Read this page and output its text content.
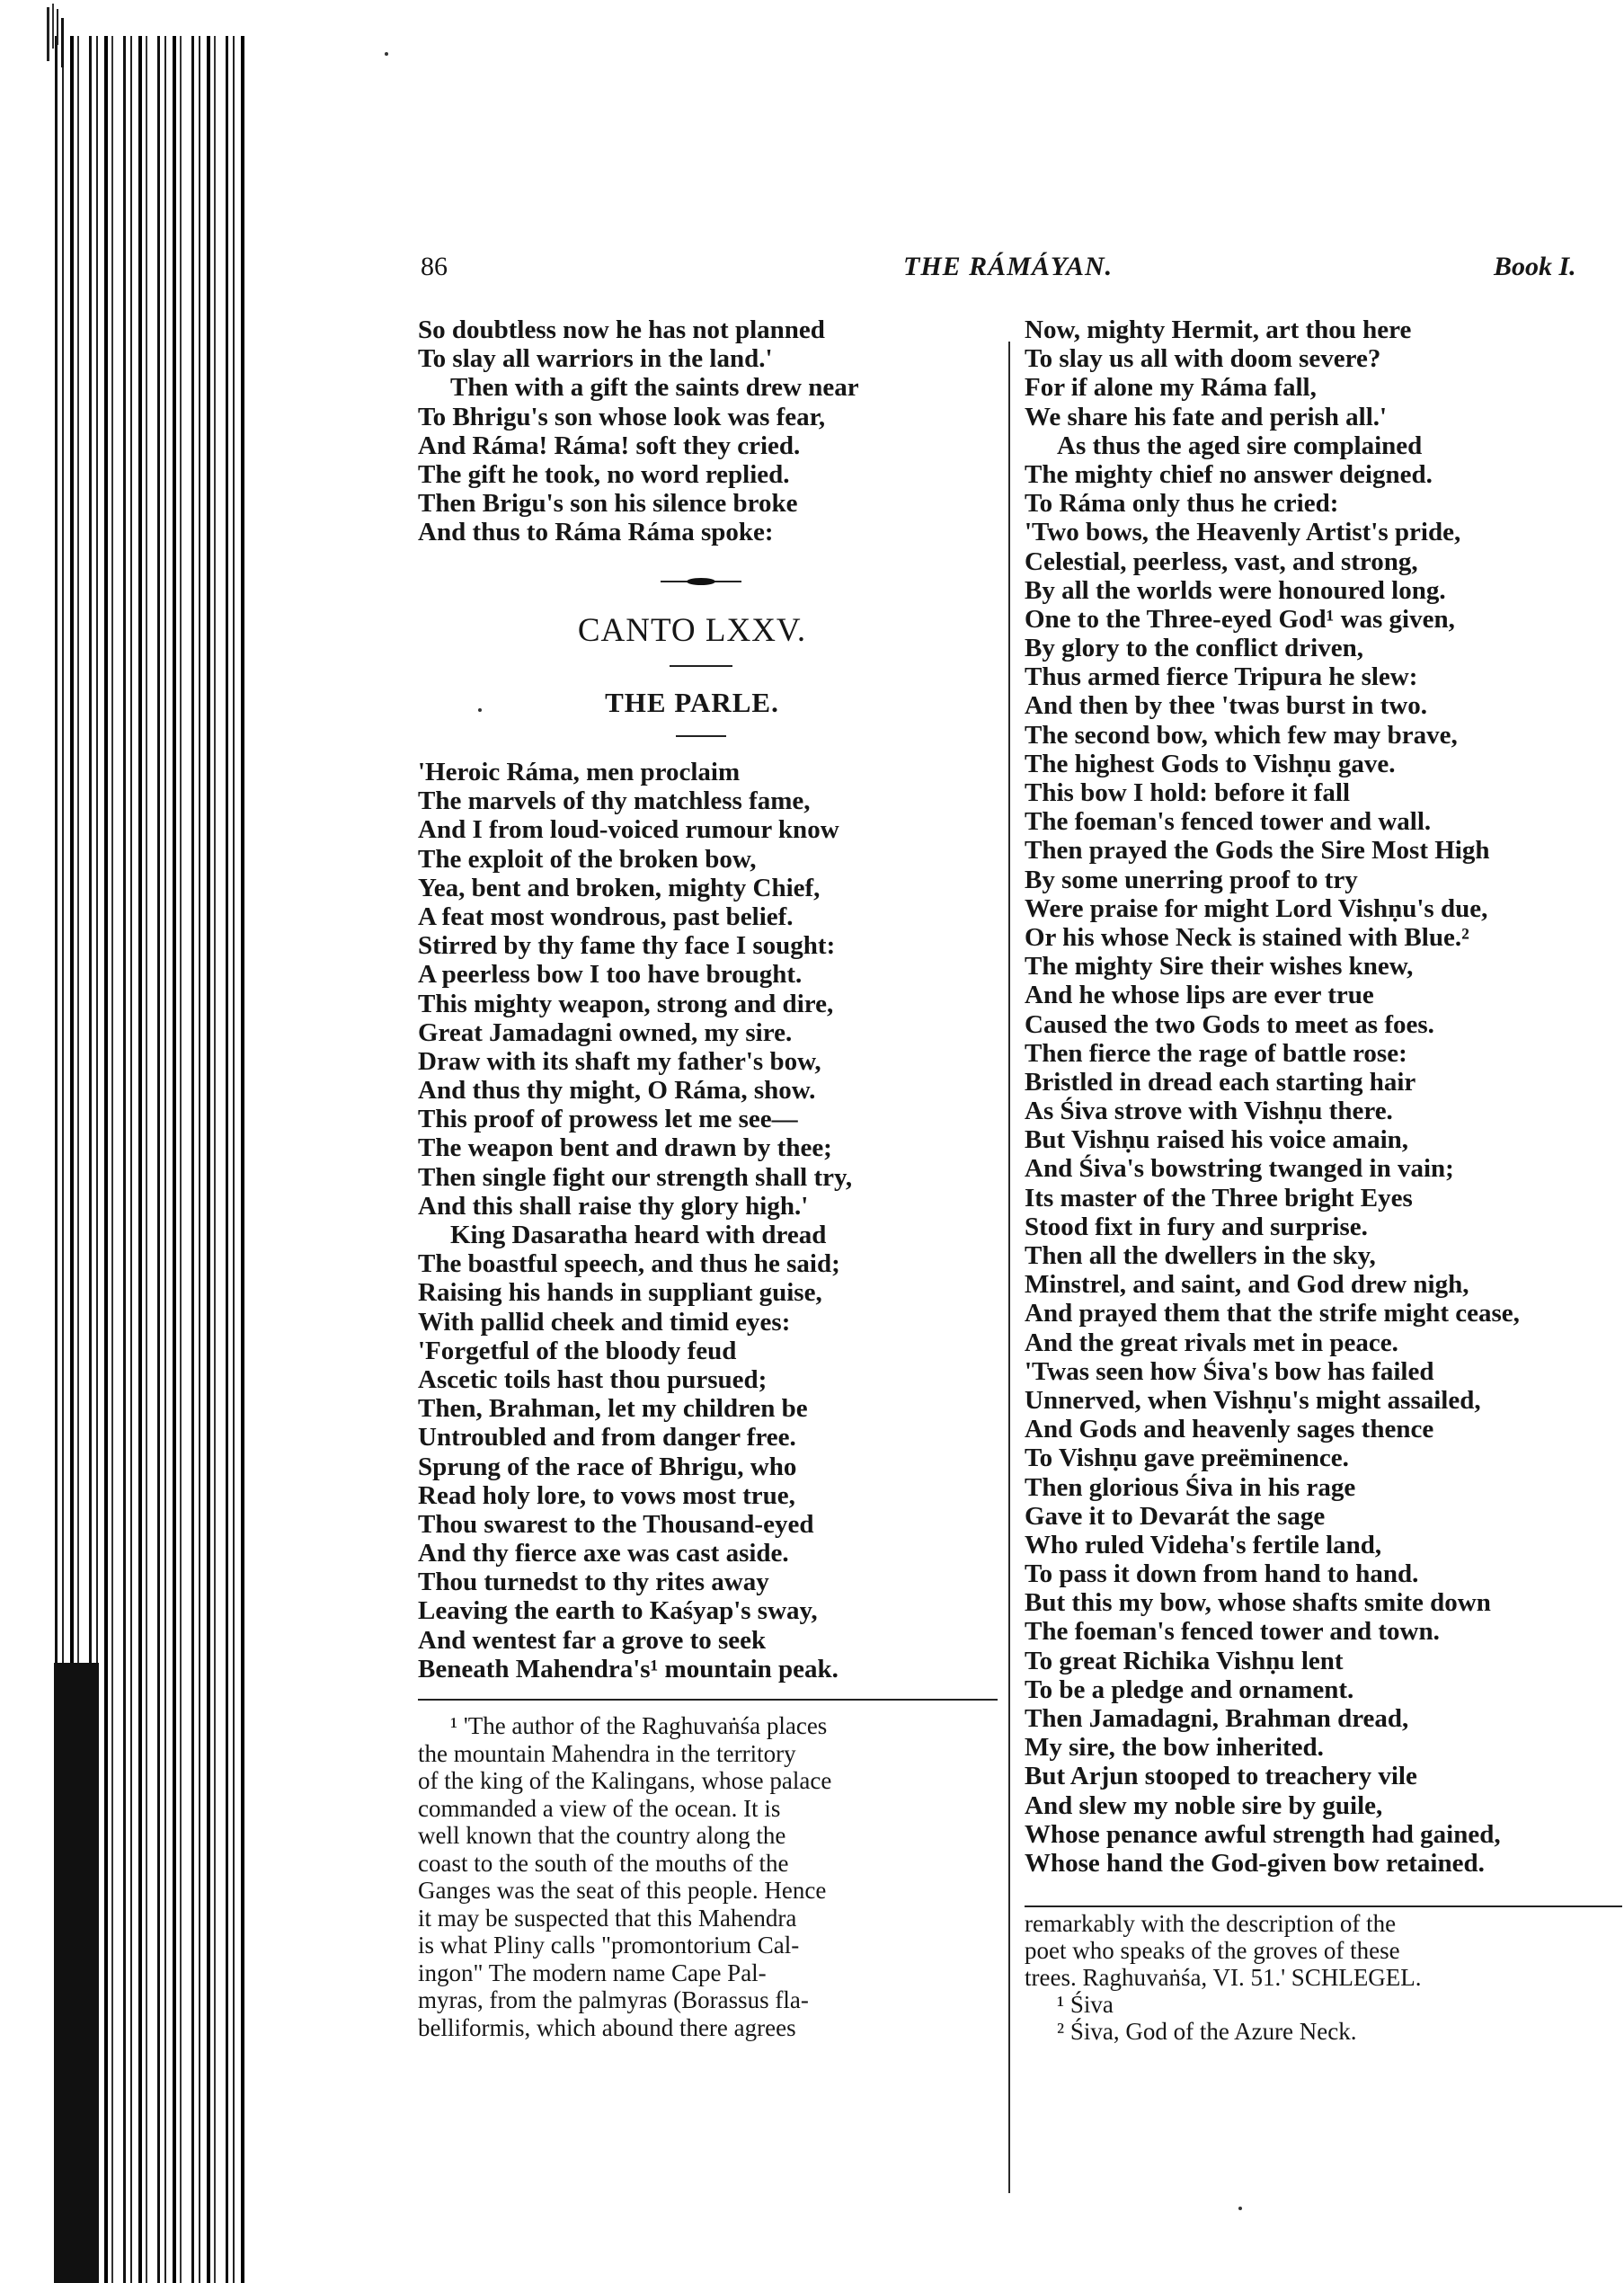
86	THE RÁMÁYAN.	Book I.
So doubtless now he has not planned
To slay all warriors in the land.'
Then with a gift the saints drew near
To Bhrigu's son whose look was fear,
And Ráma! Ráma! soft they cried.
The gift he took, no word replied.
Then Brigu's son his silence broke
And thus to Ráma Ráma spoke:
CANTO LXXV.
THE PARLE.
'Heroic Ráma, men proclaim
The marvels of thy matchless fame,
And I from loud-voiced rumour know
The exploit of the broken bow,
Yea, bent and broken, mighty Chief,
A feat most wondrous, past belief.
Stirred by thy fame thy face I sought:
A peerless bow I too have brought.
This mighty weapon, strong and dire,
Great Jamadagni owned, my sire.
Draw with its shaft my father's bow,
And thus thy might, O Ráma, show.
This proof of prowess let me see—
The weapon bent and drawn by thee;
Then single fight our strength shall try,
And this shall raise thy glory high.'
King Dasaratha heard with dread
The boastful speech, and thus he said;
Raising his hands in suppliant guise,
With pallid cheek and timid eyes:
'Forgetful of the bloody feud
Ascetic toils hast thou pursued;
Then, Brahman, let my children be
Untroubled and from danger free.
Sprung of the race of Bhrigu, who
Read holy lore, to vows most true,
Thou swarest to the Thousand-eyed
And thy fierce axe was cast aside.
Thou turnedst to thy rites away
Leaving the earth to Kaśyap's sway,
And wentest far a grove to seek
Beneath Mahendra's¹ mountain peak.
Now, mighty Hermit, art thou here
To slay us all with doom severe?
For if alone my Ráma fall,
We share his fate and perish all.'
As thus the aged sire complained
The mighty chief no answer deigned.
To Ráma only thus he cried:
'Two bows, the Heavenly Artist's pride,
Celestial, peerless, vast, and strong,
By all the worlds were honoured long.
One to the Three-eyed God¹ was given,
By glory to the conflict driven,
Thus armed fierce Tripura he slew:
And then by thee 'twas burst in two.
The second bow, which few may brave,
The highest Gods to Vishṇu gave.
This bow I hold: before it fall
The foeman's fenced tower and wall.
Then prayed the Gods the Sire Most High
By some unerring proof to try
Were praise for might Lord Vishṇu's due,
Or his whose Neck is stained with Blue.²
The mighty Sire their wishes knew,
And he whose lips are ever true
Caused the two Gods to meet as foes.
Then fierce the rage of battle rose:
Bristled in dread each starting hair
As Śiva strove with Vishṇu there.
But Vishṇu raised his voice amain,
And Śiva's bowstring twanged in vain;
Its master of the Three bright Eyes
Stood fixt in fury and surprise.
Then all the dwellers in the sky,
Minstrel, and saint, and God drew nigh,
And prayed them that the strife might cease,
And the great rivals met in peace.
'Twas seen how Śiva's bow has failed
Unnerved, when Vishṇu's might assailed,
And Gods and heavenly sages thence
To Vishṇu gave preëminence.
Then glorious Śiva in his rage
Gave it to Devarát the sage
Who ruled Videha's fertile land,
To pass it down from hand to hand.
But this my bow, whose shafts smite down
The foeman's fenced tower and town.
To great Richika Vishṇu lent
To be a pledge and ornament.
Then Jamadagni, Brahman dread,
My sire, the bow inherited.
But Arjun stooped to treachery vile
And slew my noble sire by guile,
Whose penance awful strength had gained,
Whose hand the God-given bow retained.
¹ 'The author of the Raghuvaṅśa places
the mountain Mahendra in the territory
of the king of the Kalingans, whose palace
commanded a view of the ocean. It is
well known that the country along the
coast to the south of the mouths of the
Ganges was the seat of this people. Hence
it may be suspected that this Mahendra
is what Pliny calls "promontorium Cal-
ingon" The modern name Cape Pal-
myras, from the palmyras (Borassus fla-
belliformis, which abound there agrees
remarkably with the description of the
poet who speaks of the groves of these
trees. Raghuvaṅśa, VI. 51.' SCHLEGEL.
¹ Śiva
² Śiva, God of the Azure Neck.
